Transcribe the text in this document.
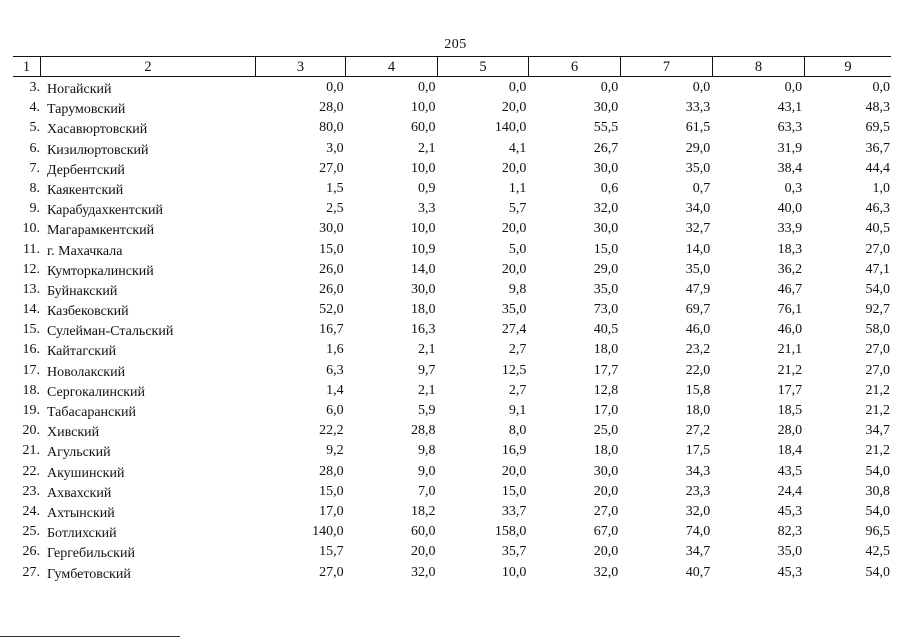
205
1	2	3	4	5	6	7	8	9
3. Ногайский	0,0	0,0	0,0	0,0	0,0	0,0	0,0
4. Тарумовский	28,0	10,0	20,0	30,0	33,3	43,1	48,3
5. Хасавюртовский	80,0	60,0	140,0	55,5	61,5	63,3	69,5
6. Кизилюртовский	3,0	2,1	4,1	26,7	29,0	31,9	36,7
7. Дербентский	27,0	10,0	20,0	30,0	35,0	38,4	44,4
8. Каякентский	1,5	0,9	1,1	0,6	0,7	0,3	1,0
9. Карабудахкентский	2,5	3,3	5,7	32,0	34,0	40,0	46,3
10. Магарамкентский	30,0	10,0	20,0	30,0	32,7	33,9	40,5
11. г. Махачкала	15,0	10,9	5,0	15,0	14,0	18,3	27,0
12. Кумторкалинский	26,0	14,0	20,0	29,0	35,0	36,2	47,1
13. Буйнакский	26,0	30,0	9,8	35,0	47,9	46,7	54,0
14. Казбековский	52,0	18,0	35,0	73,0	69,7	76,1	92,7
15. Сулейман-Стальский	16,7	16,3	27,4	40,5	46,0	46,0	58,0
16. Кайтагский	1,6	2,1	2,7	18,0	23,2	21,1	27,0
17. Новолакский	6,3	9,7	12,5	17,7	22,0	21,2	27,0
18. Сергокалинский	1,4	2,1	2,7	12,8	15,8	17,7	21,2
19. Табасаранский	6,0	5,9	9,1	17,0	18,0	18,5	21,2
20. Хивский	22,2	28,8	8,0	25,0	27,2	28,0	34,7
21. Агульский	9,2	9,8	16,9	18,0	17,5	18,4	21,2
22. Акушинский	28,0	9,0	20,0	30,0	34,3	43,5	54,0
23. Ахвахский	15,0	7,0	15,0	20,0	23,3	24,4	30,8
24. Ахтынский	17,0	18,2	33,7	27,0	32,0	45,3	54,0
25. Ботлихский	140,0	60,0	158,0	67,0	74,0	82,3	96,5
26. Гергебильский	15,7	20,0	35,7	20,0	34,7	35,0	42,5
27. Гумбетовский	27,0	32,0	10,0	32,0	40,7	45,3	54,0
